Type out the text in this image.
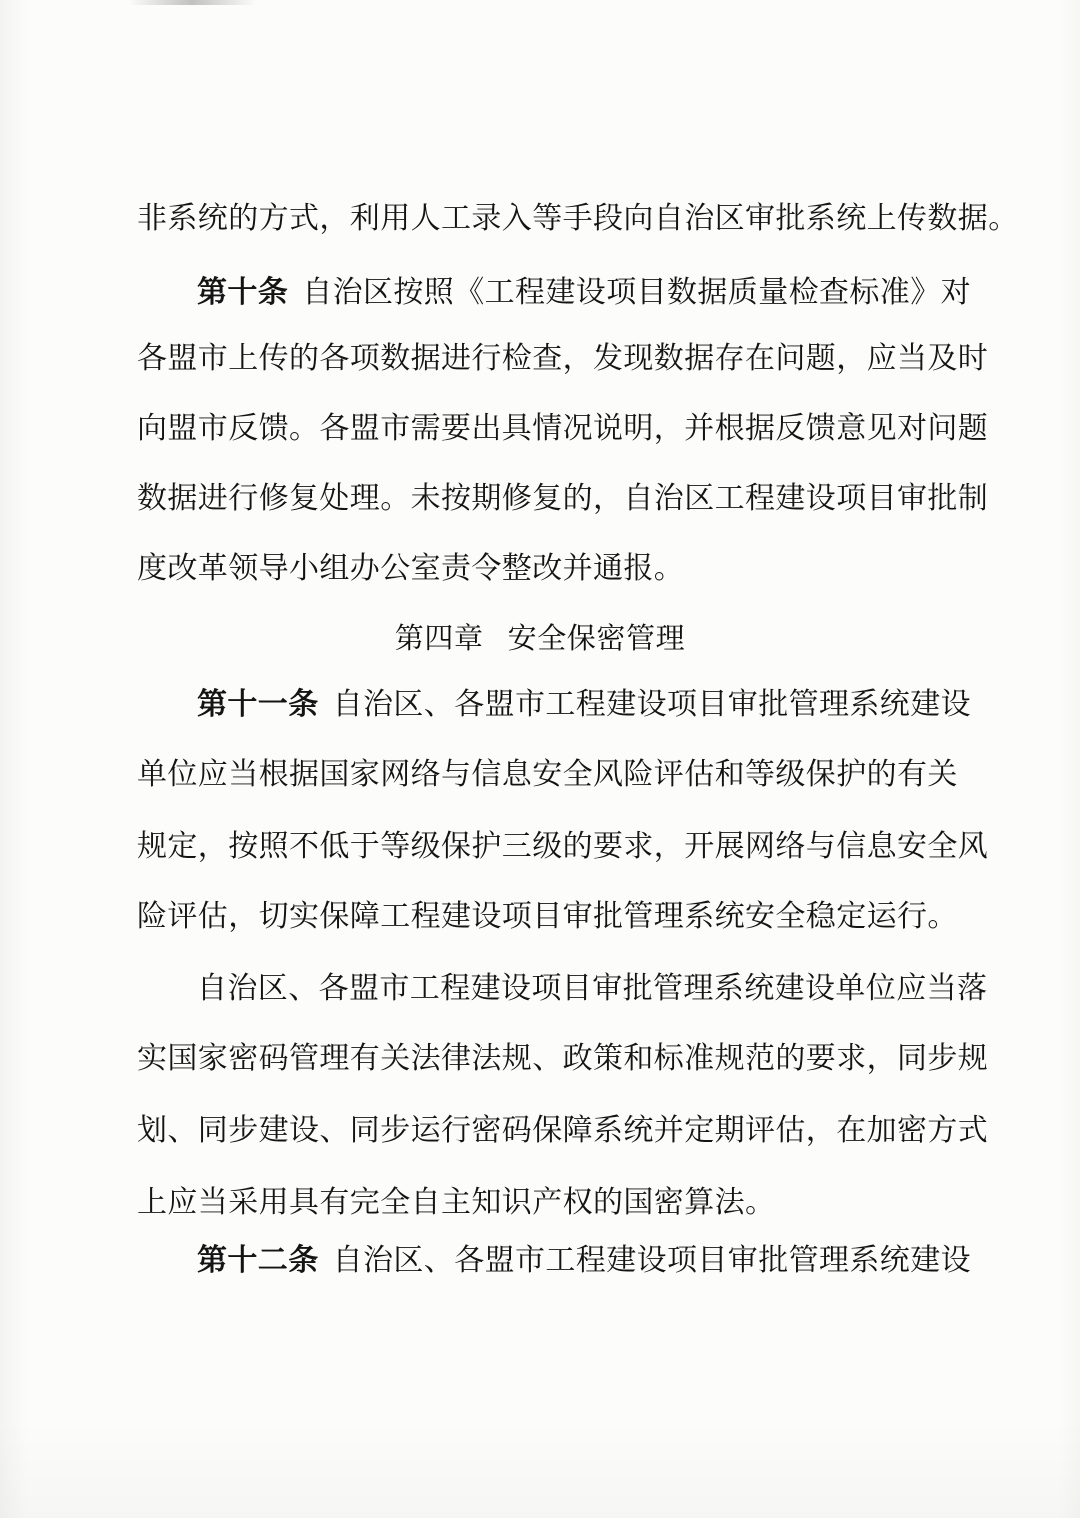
非系统的方式，利用人工录入等手段向自治区审批系统上传数据。
第十条 自治区按照《工程建设项目数据质量检查标准》对
各盟市上传的各项数据进行检查，发现数据存在问题，应当及时
向盟市反馈。各盟市需要出具情况说明，并根据反馈意见对问题
数据进行修复处理。未按期修复的，自治区工程建设项目审批制
度改革领导小组办公室责令整改并通报。
第四章 安全保密管理
第十一条 自治区、各盟市工程建设项目审批管理系统建设
单位应当根据国家网络与信息安全风险评估和等级保护的有关
规定，按照不低于等级保护三级的要求，开展网络与信息安全风
险评估，切实保障工程建设项目审批管理系统安全稳定运行。
自治区、各盟市工程建设项目审批管理系统建设单位应当落
实国家密码管理有关法律法规、政策和标准规范的要求，同步规
划、同步建设、同步运行密码保障系统并定期评估，在加密方式
上应当采用具有完全自主知识产权的国密算法。
第十二条 自治区、各盟市工程建设项目审批管理系统建设
